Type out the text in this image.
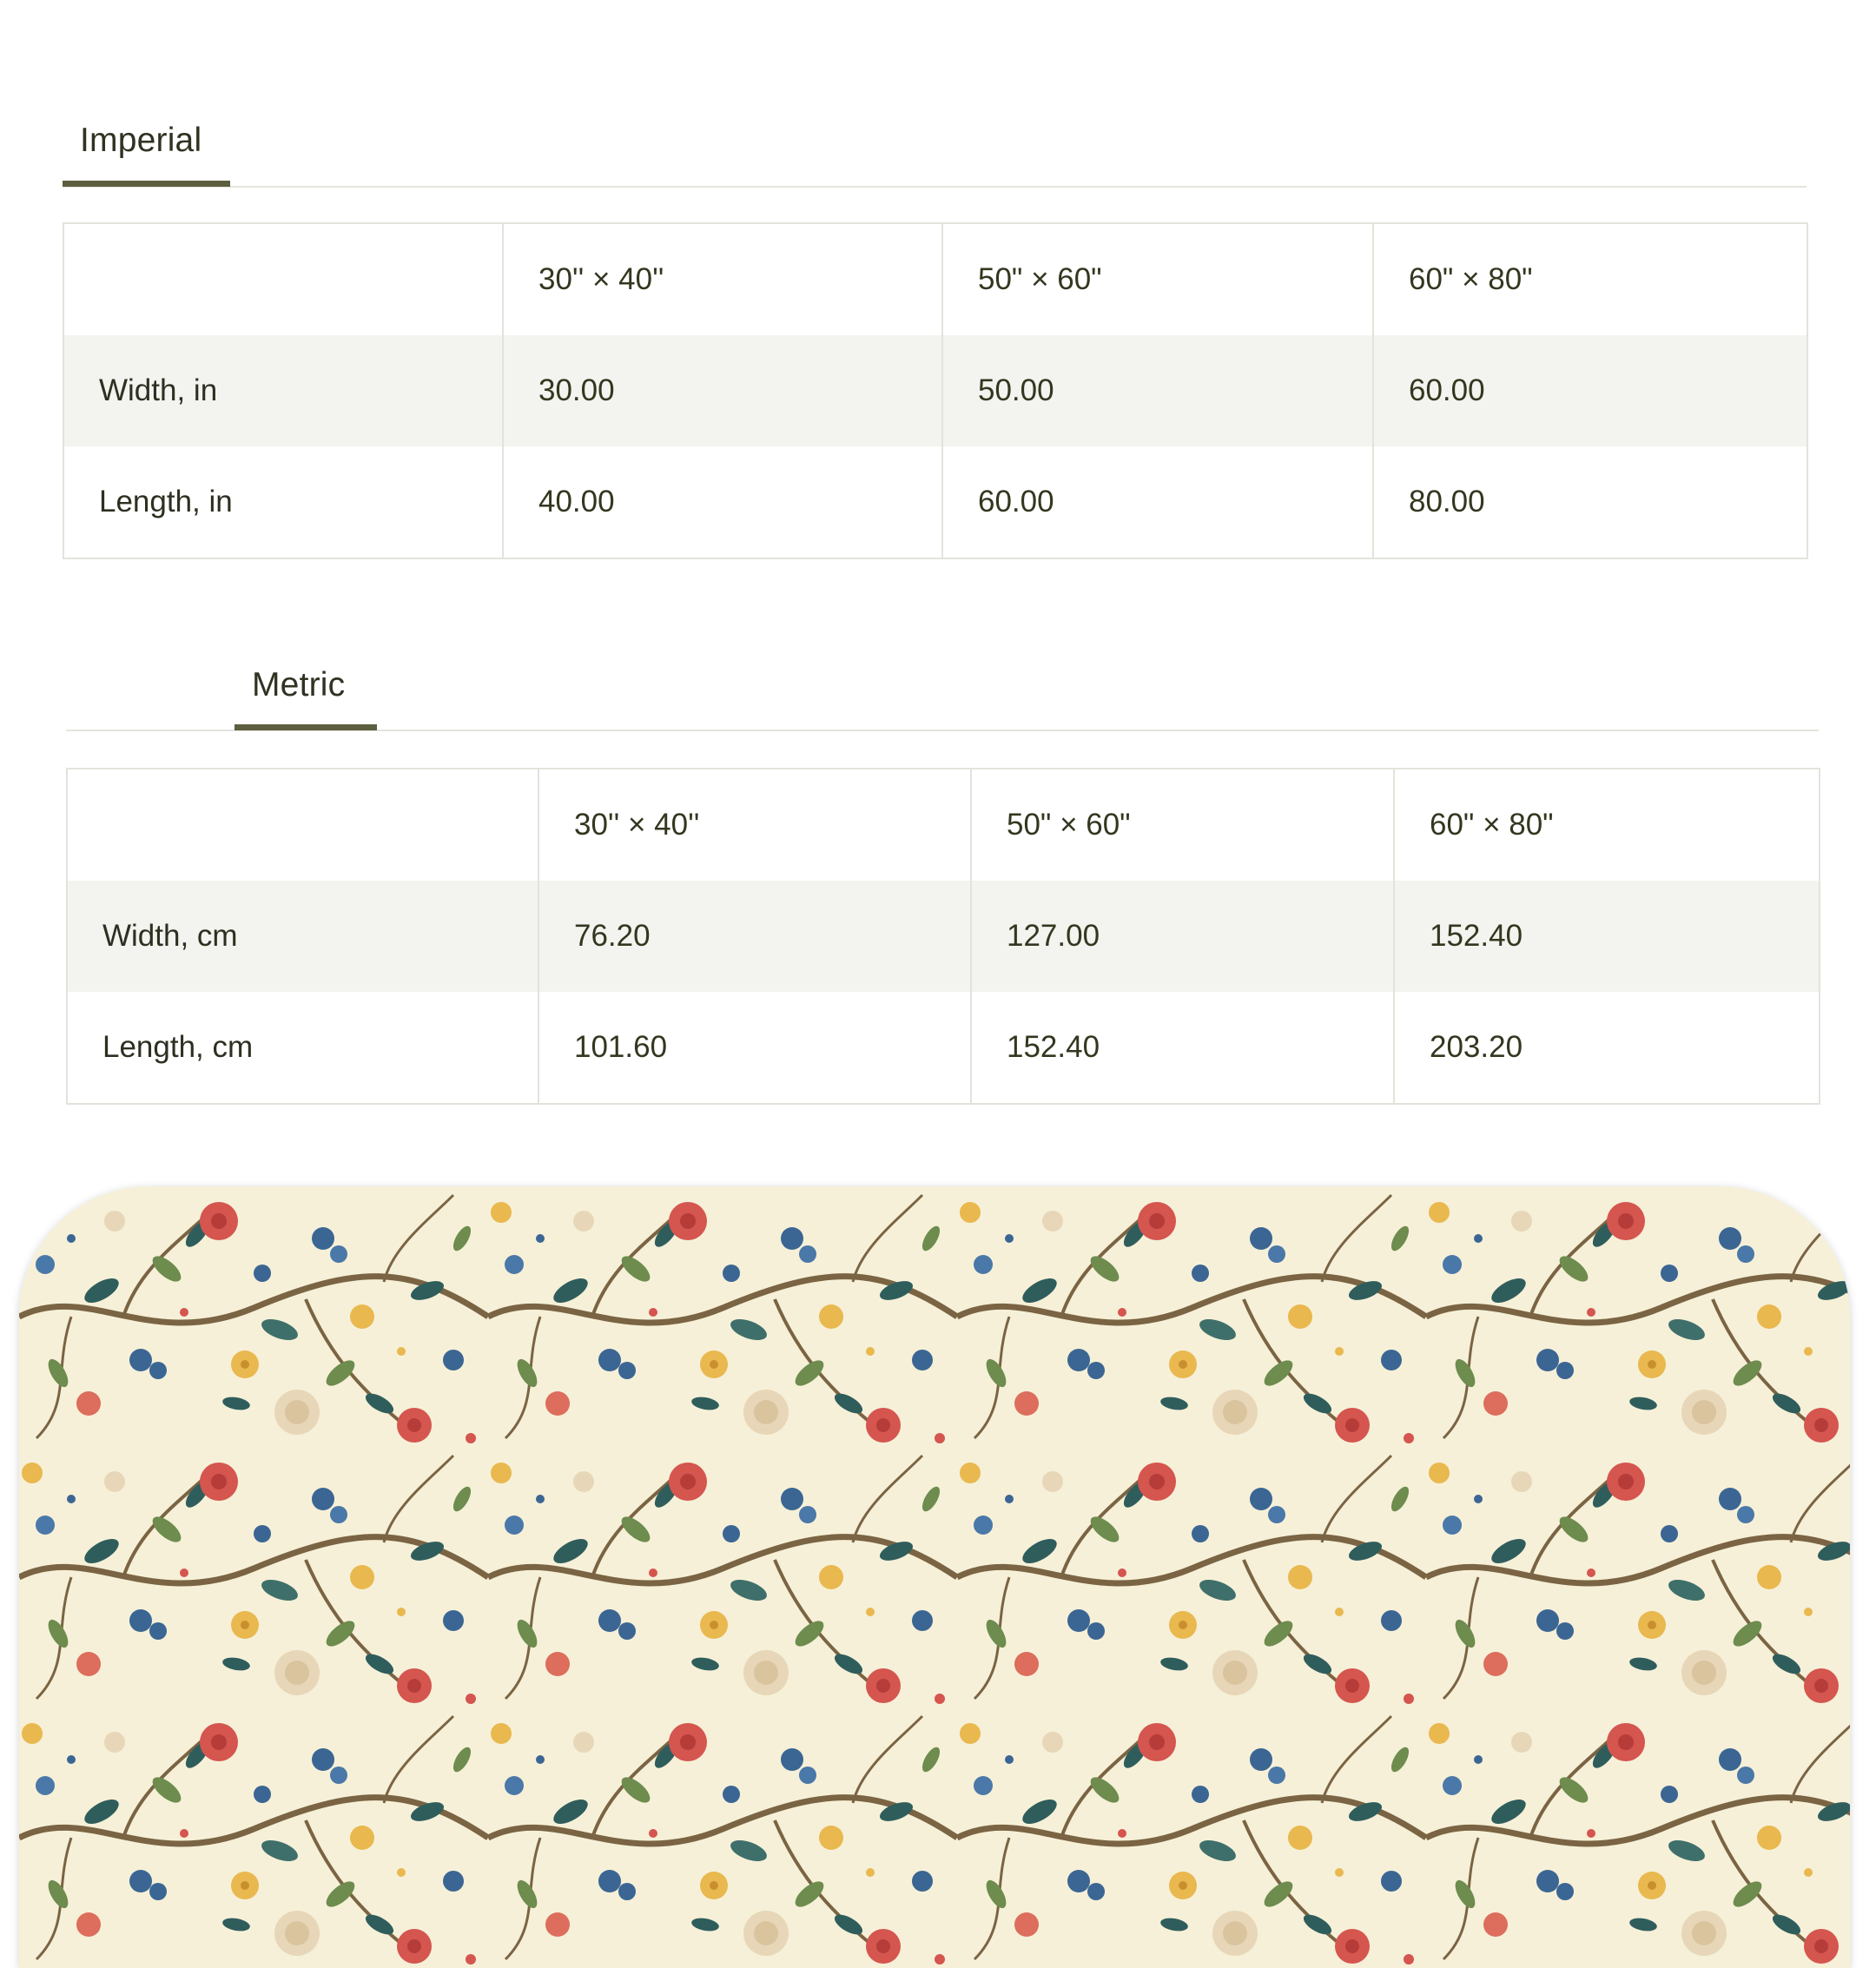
Imperial
	30'' × 40''	50" × 60"	60" × 80"
Width, in	30.00	50.00	60.00
Length, in	40.00	60.00	80.00
Metric
	30'' × 40''	50" × 60"	60" × 80"
Width, cm	76.20	127.00	152.40
Length, cm	101.60	152.40	203.20
